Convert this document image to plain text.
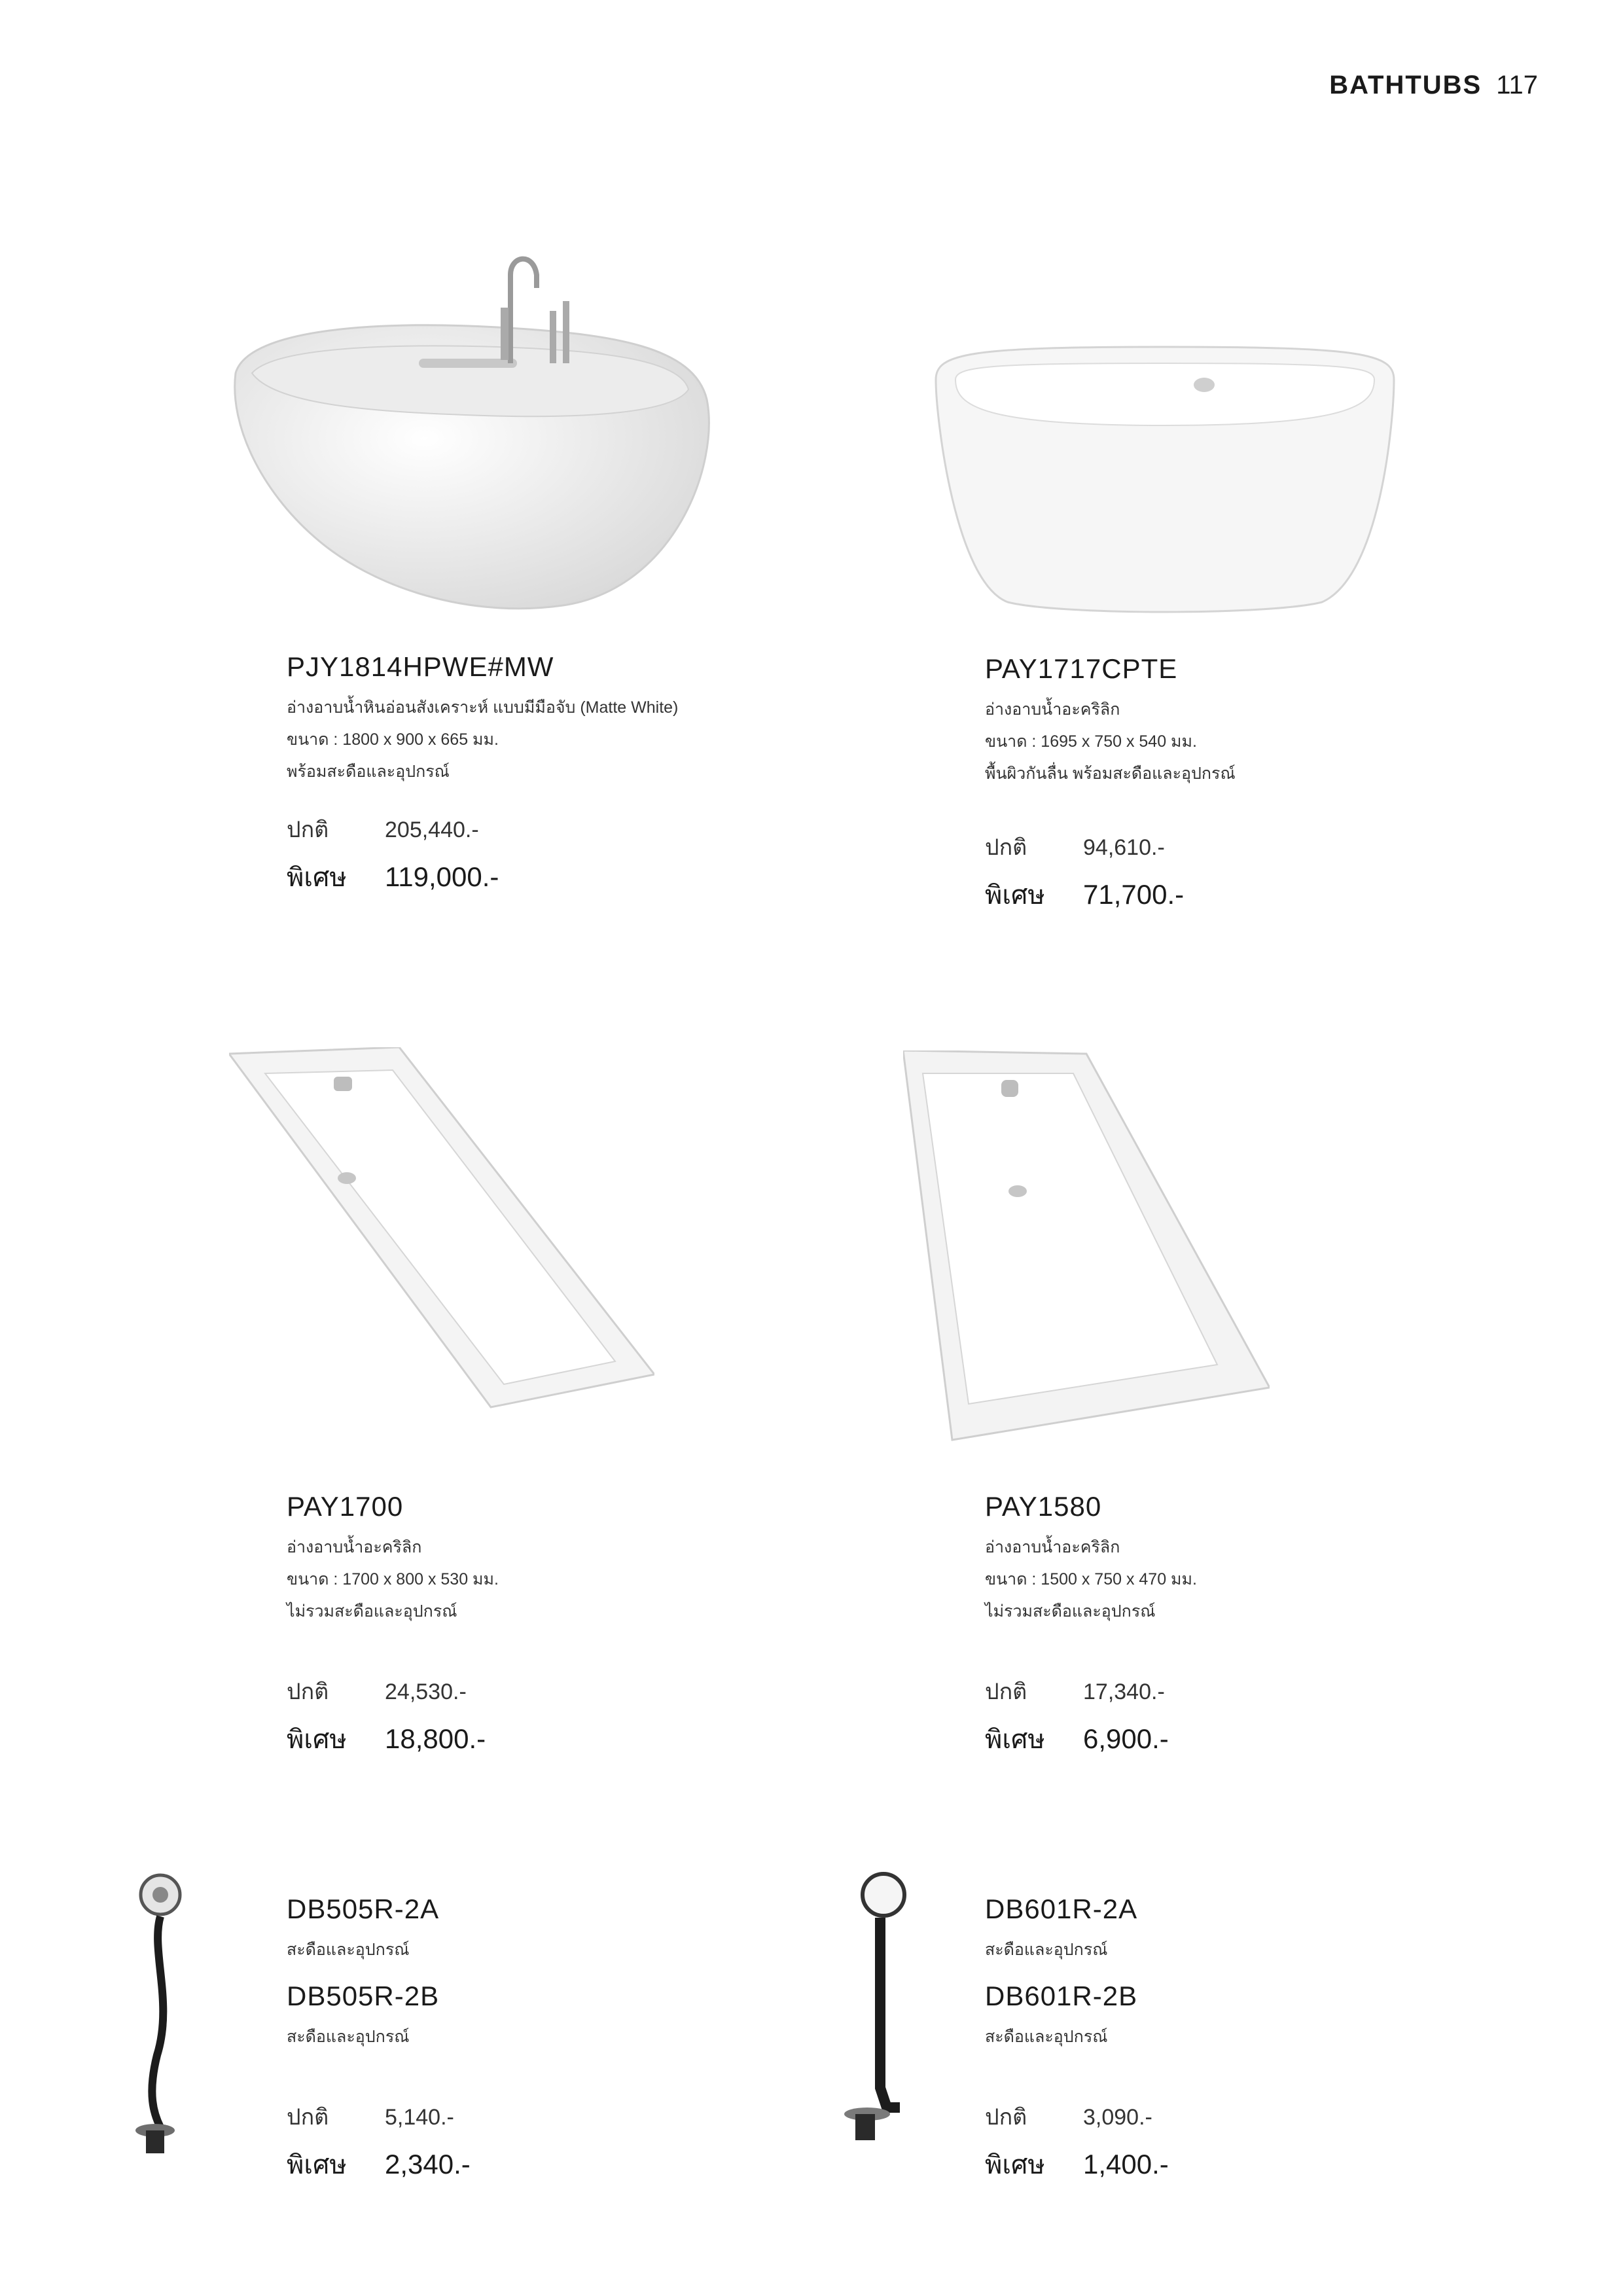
BATHTUBS 117
PJY1814HPWE#MW
อ่างอาบน้ำหินอ่อนสังเคราะห์ แบบมีมือจับ (Matte White)
ขนาด : 1800 x 900 x 665 มม.
พร้อมสะดือและอุปกรณ์
ปกติ	205,440.-
พิเศษ	119,000.-
PAY1717CPTE
อ่างอาบน้ำอะคริลิก
ขนาด : 1695 x 750 x 540 มม.
พื้นผิวกันลื่น พร้อมสะดือและอุปกรณ์
ปกติ	94,610.-
พิเศษ	71,700.-
PAY1700
อ่างอาบน้ำอะคริลิก
ขนาด : 1700 x 800 x 530 มม.
ไม่รวมสะดือและอุปกรณ์
ปกติ	24,530.-
พิเศษ	18,800.-
PAY1580
อ่างอาบน้ำอะคริลิก
ขนาด : 1500 x 750 x 470 มม.
ไม่รวมสะดือและอุปกรณ์
ปกติ	17,340.-
พิเศษ	6,900.-
DB505R-2A
สะดือและอุปกรณ์
DB505R-2B
สะดือและอุปกรณ์
ปกติ	5,140.-
พิเศษ	2,340.-
DB601R-2A
สะดือและอุปกรณ์
DB601R-2B
สะดือและอุปกรณ์
ปกติ	3,090.-
พิเศษ	1,400.-
